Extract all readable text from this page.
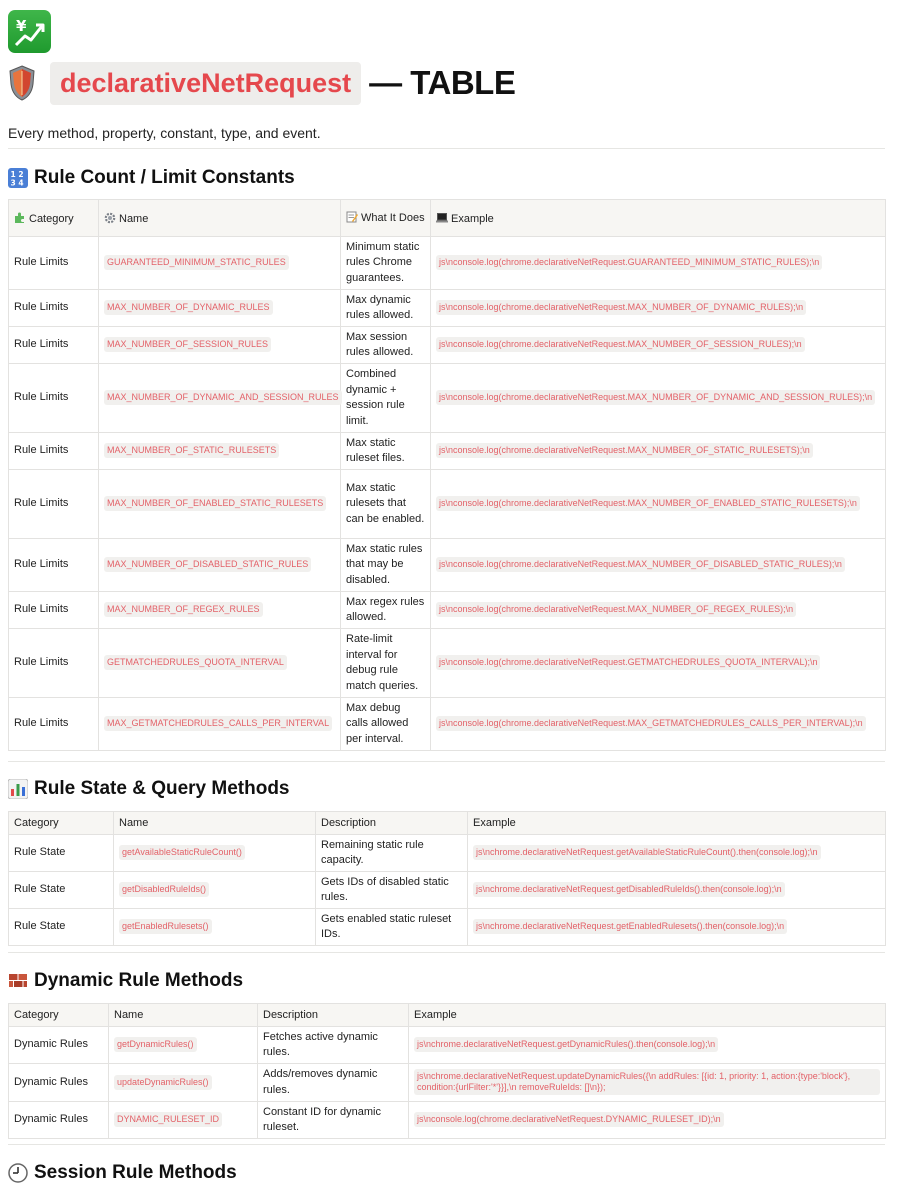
¥
declarativeNetRequest — TABLE
Every method, property, constant, type, and event.
1 2
3 4 Rule Count / Limit Constants
Category	Name	What It Does	Example
Rule Limits	GUARANTEED_MINIMUM_STATIC_RULES	Minimum static rules Chrome guarantees.	js\nconsole.log(chrome.declarativeNetRequest.GUARANTEED_MINIMUM_STATIC_RULES);\n
Rule Limits	MAX_NUMBER_OF_DYNAMIC_RULES	Max dynamic rules allowed.	js\nconsole.log(chrome.declarativeNetRequest.MAX_NUMBER_OF_DYNAMIC_RULES);\n
Rule Limits	MAX_NUMBER_OF_SESSION_RULES	Max session rules allowed.	js\nconsole.log(chrome.declarativeNetRequest.MAX_NUMBER_OF_SESSION_RULES);\n
Rule Limits	MAX_NUMBER_OF_DYNAMIC_AND_SESSION_RULES	Combined dynamic + session rule limit.	js\nconsole.log(chrome.declarativeNetRequest.MAX_NUMBER_OF_DYNAMIC_AND_SESSION_RULES);\n
Rule Limits	MAX_NUMBER_OF_STATIC_RULESETS	Max static ruleset files.	js\nconsole.log(chrome.declarativeNetRequest.MAX_NUMBER_OF_STATIC_RULESETS);\n
Rule Limits	MAX_NUMBER_OF_ENABLED_STATIC_RULESETS	Max static rulesets that can be enabled.	js\nconsole.log(chrome.declarativeNetRequest.MAX_NUMBER_OF_ENABLED_STATIC_RULESETS);\n
Rule Limits	MAX_NUMBER_OF_DISABLED_STATIC_RULES	Max static rules that may be disabled.	js\nconsole.log(chrome.declarativeNetRequest.MAX_NUMBER_OF_DISABLED_STATIC_RULES);\n
Rule Limits	MAX_NUMBER_OF_REGEX_RULES	Max regex rules allowed.	js\nconsole.log(chrome.declarativeNetRequest.MAX_NUMBER_OF_REGEX_RULES);\n
Rule Limits	GETMATCHEDRULES_QUOTA_INTERVAL	Rate-limit interval for debug rule match queries.	js\nconsole.log(chrome.declarativeNetRequest.GETMATCHEDRULES_QUOTA_INTERVAL);\n
Rule Limits	MAX_GETMATCHEDRULES_CALLS_PER_INTERVAL	Max debug calls allowed per interval.	js\nconsole.log(chrome.declarativeNetRequest.MAX_GETMATCHEDRULES_CALLS_PER_INTERVAL);\n
Rule State & Query Methods
Category	Name	Description	Example
Rule State	getAvailableStaticRuleCount()	Remaining static rule capacity.	js\nchrome.declarativeNetRequest.getAvailableStaticRuleCount().then(console.log);\n
Rule State	getDisabledRuleIds()	Gets IDs of disabled static rules.	js\nchrome.declarativeNetRequest.getDisabledRuleIds().then(console.log);\n
Rule State	getEnabledRulesets()	Gets enabled static ruleset IDs.	js\nchrome.declarativeNetRequest.getEnabledRulesets().then(console.log);\n
Dynamic Rule Methods
Category	Name	Description	Example
Dynamic Rules	getDynamicRules()	Fetches active dynamic rules.	js\nchrome.declarativeNetRequest.getDynamicRules().then(console.log);\n
Dynamic Rules	updateDynamicRules()	Adds/removes dynamic rules.	js\nchrome.declarativeNetRequest.updateDynamicRules({\n addRules: [{id: 1, priority: 1, action:{type:'block'}, condition:{urlFilter:'*'}}],\n removeRuleIds: []\n});
Dynamic Rules	DYNAMIC_RULESET_ID	Constant ID for dynamic ruleset.	js\nconsole.log(chrome.declarativeNetRequest.DYNAMIC_RULESET_ID);\n
Session Rule Methods
